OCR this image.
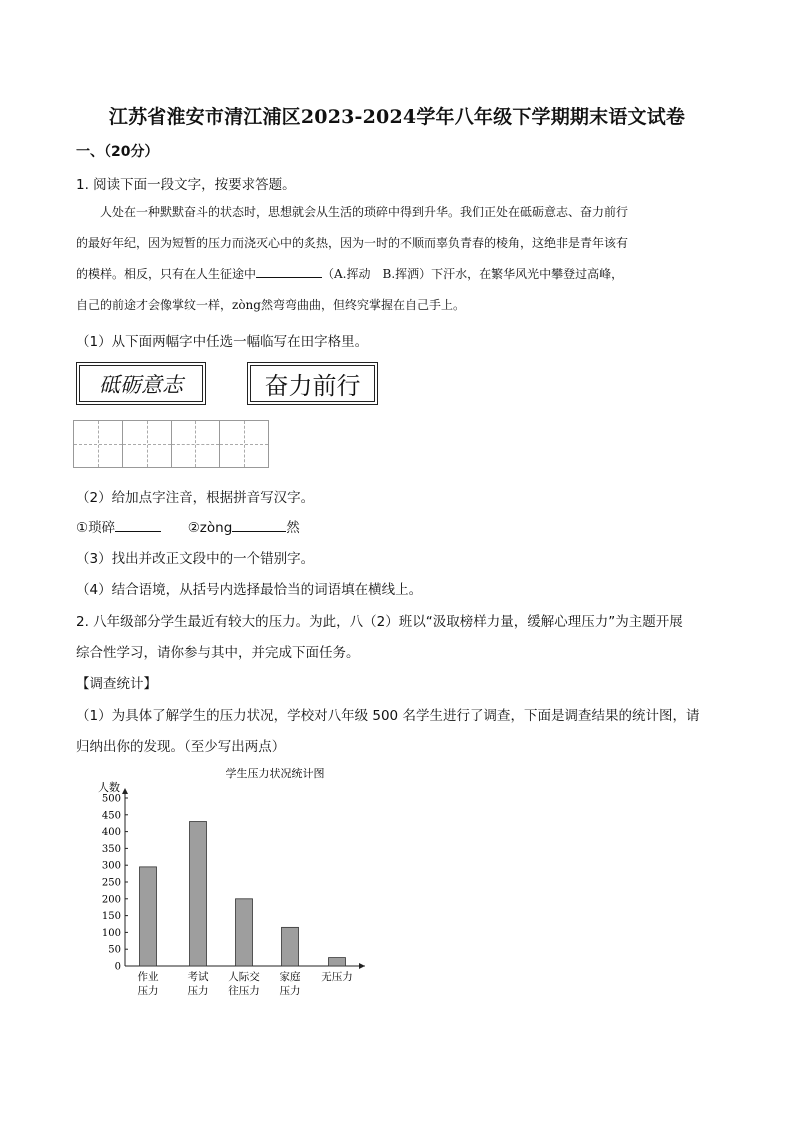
江苏省淮安市清江浦区2023-2024学年八年级下学期期末语文试卷
一、（20分）
1. 阅读下面一段文字，按要求答题。

人处在一种默默奋斗的状态时，思想就会从生活的琐碎中得到升华。我们正处在砥砺意志、奋力前行

的最好年纪，因为短暂的压力而浇灭心中的炙热，因为一时的不顺而辜负青春的棱角，这绝非是青年该有

的模样。相反，只有在人生征途中	（A.挥动　B.挥洒）下汗水，在繁华风光中攀登过高峰，

自己的前途才会像掌纹一样，zòng然弯弯曲曲，但终究掌握在自己手上。

（1）从下面两幅字中任选一幅临写在田字格里。
砥砺意志	奋力前行
（2）给加点字注音，根据拼音写汉字。
①琐碎	②zòng	然
（3）找出并改正文段中的一个错别字。
（4）结合语境，从括号内选择最恰当的词语填在横线上。
2. 八年级部分学生最近有较大的压力。为此，八（2）班以“汲取榜样力量，缓解心理压力”为主题开展
综合性学习，请你参与其中，并完成下面任务。
【调查统计】
（1）为具体了解学生的压力状况，学校对八年级 500 名学生进行了调查，下面是调查结果的统计图，请
归纳出你的发现。（至少写出两点）
学生压力状况统计图
人数
0
50
100
150
200
250
300
350
400
450
500
作业
压力
考试
压力
人际交
往压力
家庭
压力
无压力
